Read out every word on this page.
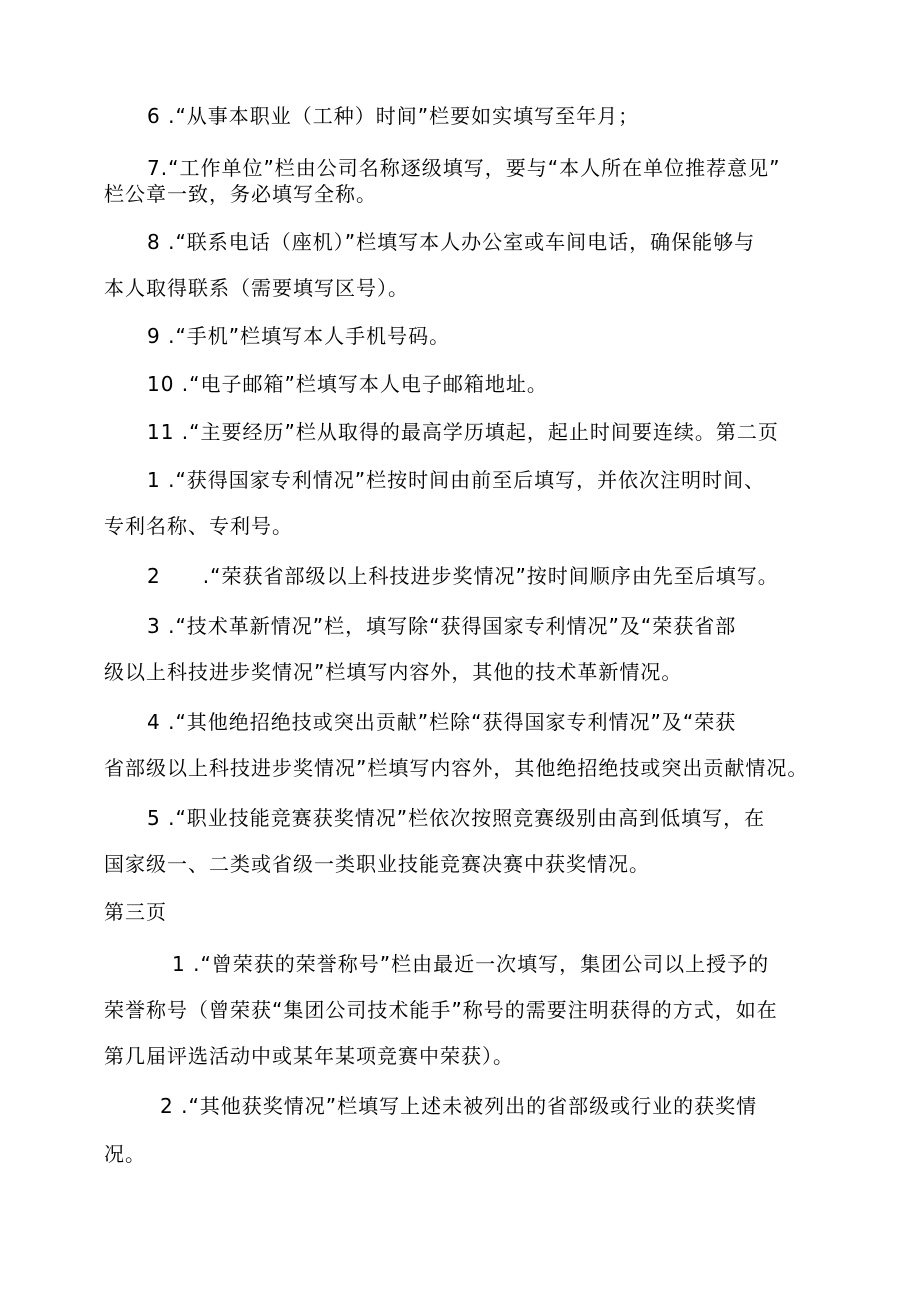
6 .“从事本职业（工种）时间”栏要如实填写至年月；
7.“工作单位”栏由公司名称逐级填写，要与“本人所在单位推荐意见”
栏公章一致，务必填写全称。
8 .“联系电话（座机）”栏填写本人办公室或车间电话，确保能够与
本人取得联系（需要填写区号）。
9 .“手机”栏填写本人手机号码。
10 .“电子邮箱”栏填写本人电子邮箱地址。
11 .“主要经历”栏从取得的最高学历填起，起止时间要连续。第二页
1 .“获得国家专利情况”栏按时间由前至后填写，并依次注明时间、
专利名称、专利号。
2　　.“荣获省部级以上科技进步奖情况”按时间顺序由先至后填写。
3 .“技术革新情况”栏，填写除“获得国家专利情况”及“荣获省部
级以上科技进步奖情况”栏填写内容外，其他的技术革新情况。
4 .“其他绝招绝技或突出贡献”栏除“获得国家专利情况”及“荣获
省部级以上科技进步奖情况”栏填写内容外，其他绝招绝技或突出贡献情况。
5 .“职业技能竞赛获奖情况”栏依次按照竞赛级别由高到低填写，在
国家级一、二类或省级一类职业技能竞赛决赛中获奖情况。
第三页
1 .“曾荣获的荣誉称号”栏由最近一次填写，集团公司以上授予的
荣誉称号（曾荣获“集团公司技术能手”称号的需要注明获得的方式，如在
第几届评选活动中或某年某项竞赛中荣获）。
2 .“其他获奖情况”栏填写上述未被列出的省部级或行业的获奖情
况。
